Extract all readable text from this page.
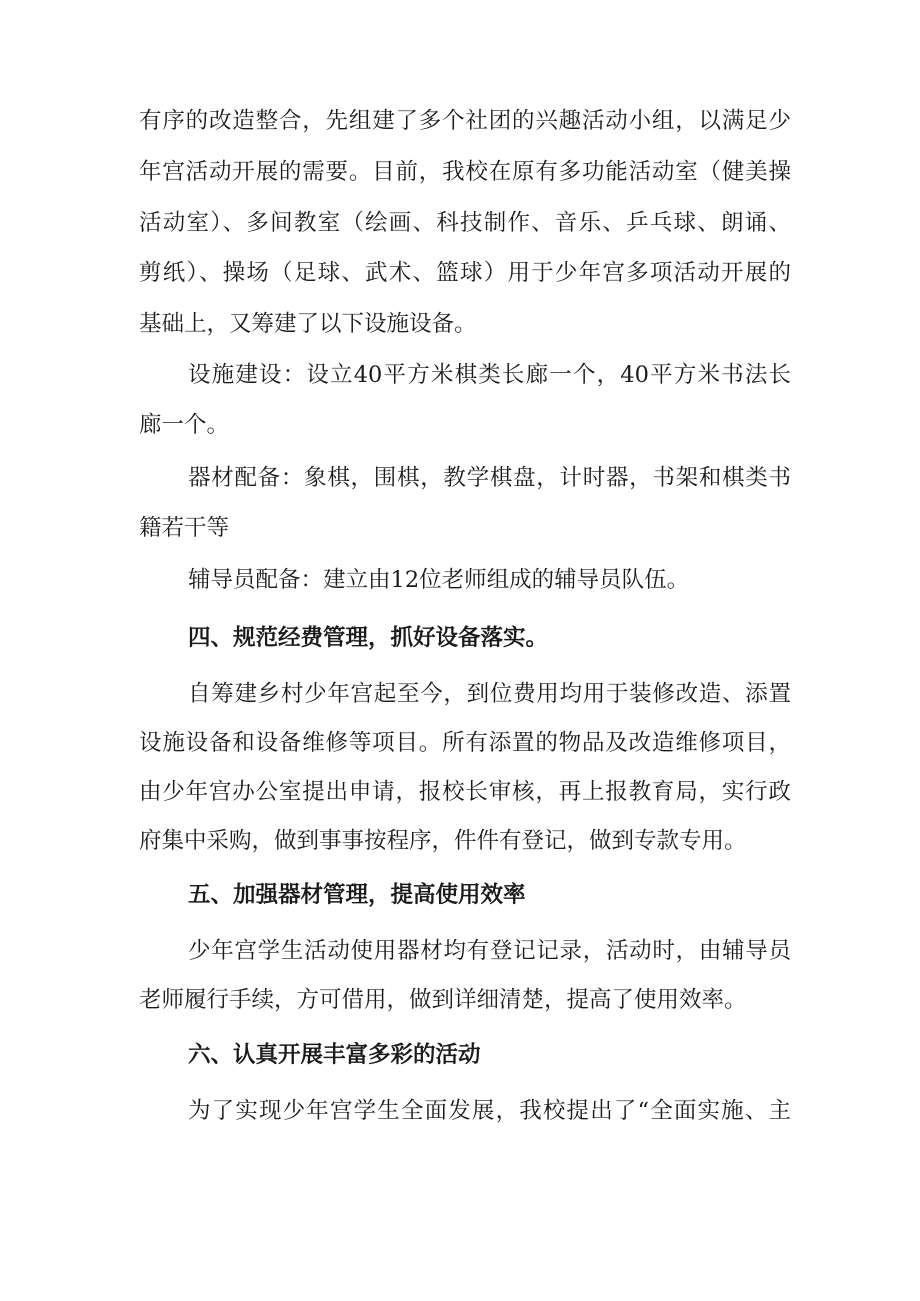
有序的改造整合，先组建了多个社团的兴趣活动小组，以满足少
年宫活动开展的需要。目前，我校在原有多功能活动室（健美操
活动室）、多间教室（绘画、科技制作、音乐、乒乓球、朗诵、
剪纸）、操场（足球、武术、篮球）用于少年宫多项活动开展的
基础上，又筹建了以下设施设备。
设施建设：设立40平方米棋类长廊一个，40平方米书法长
廊一个。
器材配备：象棋，围棋，教学棋盘，计时器，书架和棋类书
籍若干等
辅导员配备：建立由12位老师组成的辅导员队伍。
四、规范经费管理，抓好设备落实。
自筹建乡村少年宫起至今，到位费用均用于装修改造、添置
设施设备和设备维修等项目。所有添置的物品及改造维修项目，
由少年宫办公室提出申请，报校长审核，再上报教育局，实行政
府集中采购，做到事事按程序，件件有登记，做到专款专用。
五、加强器材管理，提高使用效率
少年宫学生活动使用器材均有登记记录，活动时，由辅导员
老师履行手续，方可借用，做到详细清楚，提高了使用效率。
六、认真开展丰富多彩的活动
为了实现少年宫学生全面发展，我校提出了“全面实施、主
